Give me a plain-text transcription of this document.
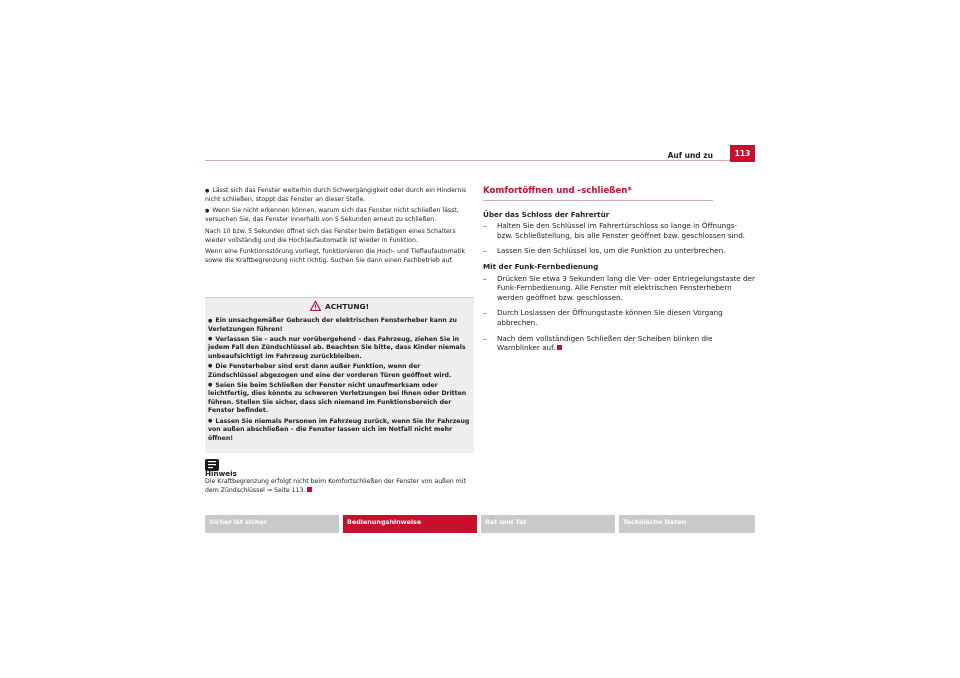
Auf und zu	113

● Lässt sich das Fenster weiterhin durch Schwergängigkeit oder durch ein Hindernis nicht schließen, stoppt das Fenster an dieser Stelle.

● Wenn Sie nicht erkennen können, warum sich das Fenster nicht schließen lässt, versuchen Sie, das Fenster innerhalb von 5 Sekunden erneut zu schließen.

Nach 10 bzw. 5 Sekunden öffnet sich das Fenster beim Betätigen eines Schalters wieder vollständig und die Hochlaufautomatik ist wieder in Funktion.

Wenn eine Funktionsstörung vorliegt, funktionieren die Hoch- und Tieflaufautomatik sowie die Kraftbegrenzung nicht richtig. Suchen Sie dann einen Fachbetrieb auf.

ACHTUNG!

● Ein unsachgemäßer Gebrauch der elektrischen Fensterheber kann zu Verletzungen führen!

● Verlassen Sie – auch nur vorübergehend – das Fahrzeug, ziehen Sie in jedem Fall den Zündschlüssel ab. Beachten Sie bitte, dass Kinder niemals unbeaufsichtigt im Fahrzeug zurückbleiben.

● Die Fensterheber sind erst dann außer Funktion, wenn der Zündschlüssel abgezogen und eine der vorderen Türen geöffnet wird.

● Seien Sie beim Schließen der Fenster nicht unaufmerksam oder leichtfertig, dies könnte zu schweren Verletzungen bei Ihnen oder Dritten führen. Stellen Sie sicher, dass sich niemand im Funktionsbereich der Fenster befindet.

● Lassen Sie niemals Personen im Fahrzeug zurück, wenn Sie Ihr Fahrzeug von außen abschließen – die Fenster lassen sich im Notfall nicht mehr öffnen!

Hinweis
Die Kraftbegrenzung erfolgt nicht beim Komfortschließen der Fenster von außen mit dem Zündschlüssel ⇒ Seite 113.

Komfortöffnen und -schließen*

Über das Schloss der Fahrertür

– Halten Sie den Schlüssel im Fahrertürschloss so lange in Öffnungs- bzw. Schließstellung, bis alle Fenster geöffnet bzw. geschlossen sind.

– Lassen Sie den Schlüssel los, um die Funktion zu unterbrechen.

Mit der Funk-Fernbedienung

– Drücken Sie etwa 3 Sekunden lang die Ver- oder Entriegelungstaste der Funk-Fernbedienung. Alle Fenster mit elektrischen Fensterhebern werden geöffnet bzw. geschlossen.

– Durch Loslassen der Öffnungstaste können Sie diesen Vorgang abbrechen.

– Nach dem vollständigen Schließen der Scheiben blinken die Warnblinker auf.

Sicher ist sicher	Bedienungshinweise	Rat und Tat	Technische Daten
